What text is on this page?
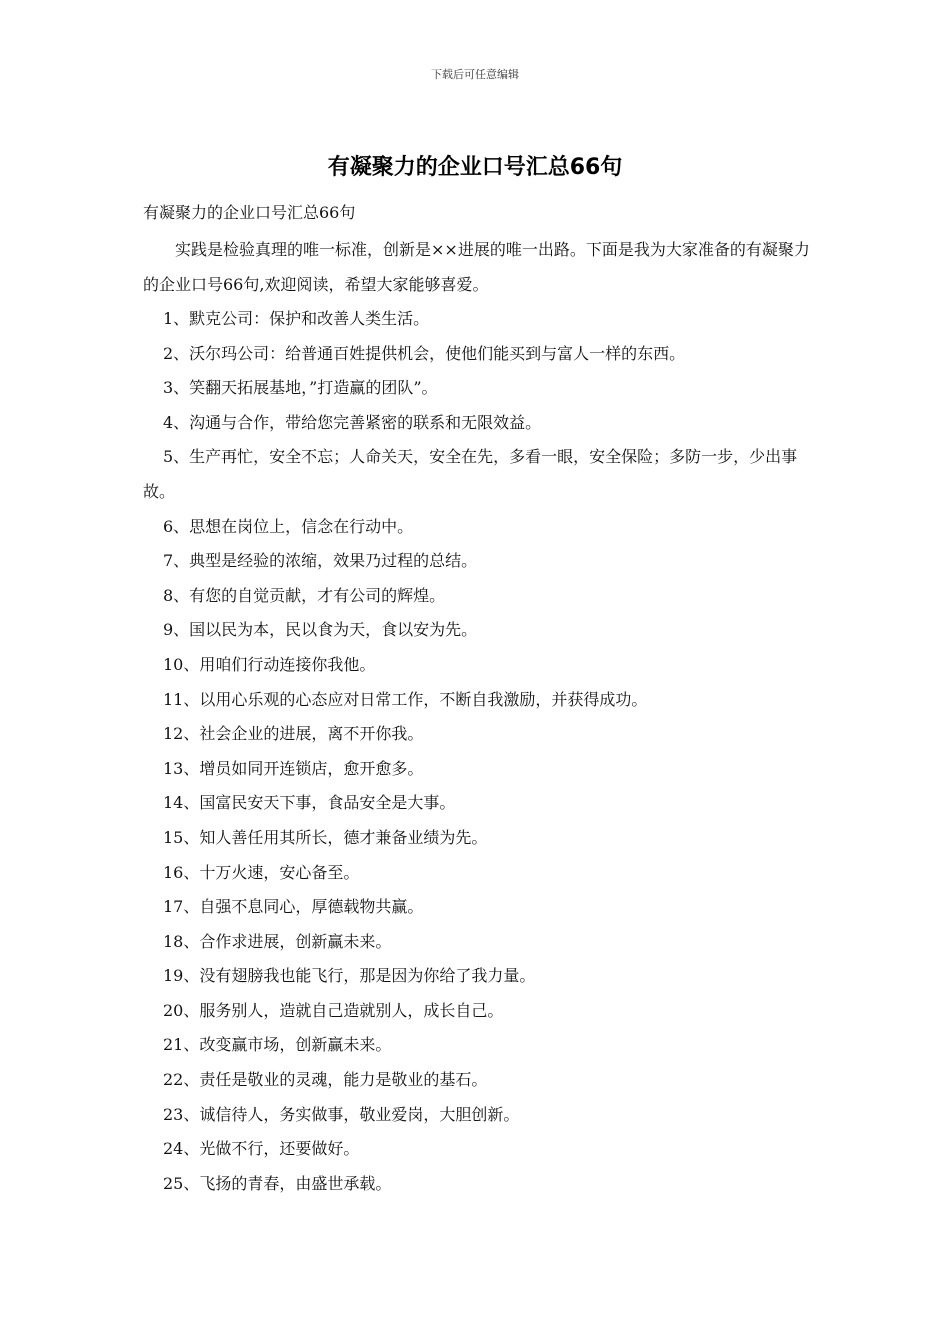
下载后可任意编辑
有凝聚力的企业口号汇总66句
有凝聚力的企业口号汇总66句
实践是检验真理的唯一标准，创新是××进展的唯一出路。下面是我为大家准备的有凝聚力的企业口号66句,欢迎阅读，希望大家能够喜爱。
1、默克公司：保护和改善人类生活。
2、沃尔玛公司：给普通百姓提供机会，使他们能买到与富人一样的东西。
3、笑翻天拓展基地，”打造赢的团队”。
4、沟通与合作，带给您完善紧密的联系和无限效益。
5、生产再忙，安全不忘；人命关天，安全在先，多看一眼，安全保险；多防一步，少出事故。
6、思想在岗位上，信念在行动中。
7、典型是经验的浓缩，效果乃过程的总结。
8、有您的自觉贡献，才有公司的辉煌。
9、国以民为本，民以食为天，食以安为先。
10、用咱们行动连接你我他。
11、以用心乐观的心态应对日常工作，不断自我激励，并获得成功。
12、社会企业的进展，离不开你我。
13、增员如同开连锁店，愈开愈多。
14、国富民安天下事，食品安全是大事。
15、知人善任用其所长，德才兼备业绩为先。
16、十万火速，安心备至。
17、自强不息同心，厚德载物共赢。
18、合作求进展，创新赢未来。
19、没有翅膀我也能飞行，那是因为你给了我力量。
20、服务别人，造就自己造就别人，成长自己。
21、改变赢市场，创新赢未来。
22、责任是敬业的灵魂，能力是敬业的基石。
23、诚信待人，务实做事，敬业爱岗，大胆创新。
24、光做不行，还要做好。
25、飞扬的青春，由盛世承载。
